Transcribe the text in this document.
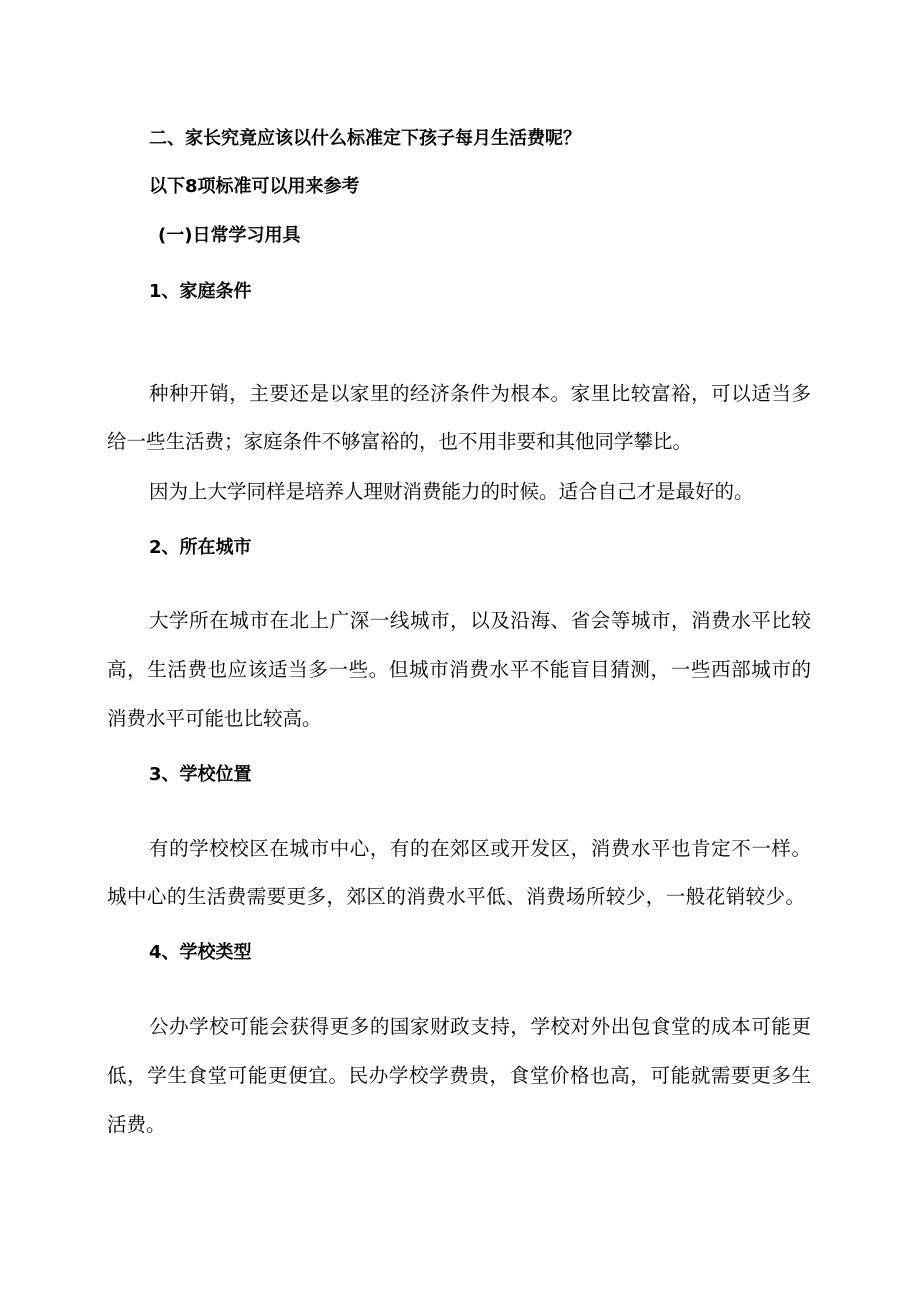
二、家长究竟应该以什么标准定下孩子每月生活费呢？
以下8项标准可以用来参考
(一)日常学习用具
1、家庭条件
种种开销，主要还是以家里的经济条件为根本。家里比较富裕，可以适当多
给一些生活费；家庭条件不够富裕的，也不用非要和其他同学攀比。
因为上大学同样是培养人理财消费能力的时候。适合自己才是最好的。
2、所在城市
大学所在城市在北上广深一线城市，以及沿海、省会等城市，消费水平比较
高，生活费也应该适当多一些。但城市消费水平不能盲目猜测，一些西部城市的
消费水平可能也比较高。
3、学校位置
有的学校校区在城市中心，有的在郊区或开发区，消费水平也肯定不一样。
城中心的生活费需要更多，郊区的消费水平低、消费场所较少，一般花销较少。
4、学校类型
公办学校可能会获得更多的国家财政支持，学校对外出包食堂的成本可能更
低，学生食堂可能更便宜。民办学校学费贵，食堂价格也高，可能就需要更多生
活费。
